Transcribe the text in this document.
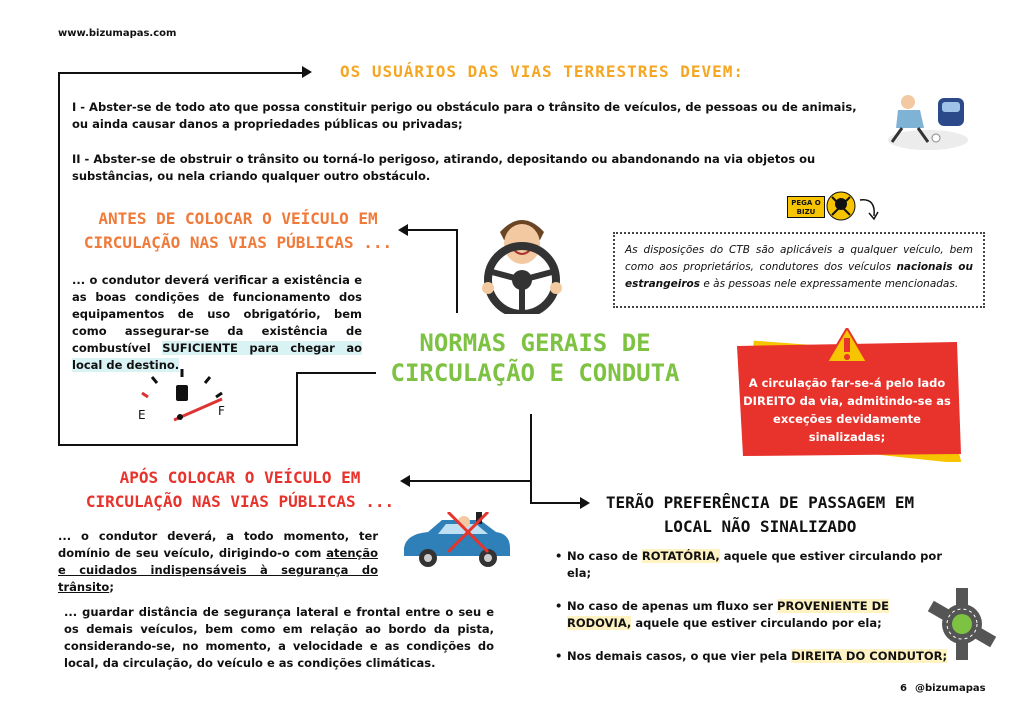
www.bizumapas.com
OS USUÁRIOS DAS VIAS TERRESTRES DEVEM:
I - Abster-se de todo ato que possa constituir perigo ou obstáculo para o trânsito de veículos, de pessoas ou de animais, ou ainda causar danos a propriedades públicas ou privadas;
II - Abster-se de obstruir o trânsito ou torná-lo perigoso, atirando, depositando ou abandonando na via objetos ou substâncias, ou nela criando qualquer outro obstáculo.
ANTES DE COLOCAR O VEÍCULO EM CIRCULAÇÃO NAS VIAS PÚBLICAS ...
... o condutor deverá verificar a existência e as boas condições de funcionamento dos equipamentos de uso obrigatório, bem como assegurar-se da existência de combustível SUFICIENTE para chegar ao local de destino.
E	F
NORMAS GERAIS DE CIRCULAÇÃO E CONDUTA
PEGA O BIZU
As disposições do CTB são aplicáveis a qualquer veículo, bem como aos proprietários, condutores dos veículos nacionais ou estrangeiros e às pessoas nele expressamente mencionadas.
A circulação far-se-á pelo lado DIREITO da via, admitindo-se as exceções devidamente sinalizadas;
APÓS COLOCAR O VEÍCULO EM CIRCULAÇÃO NAS VIAS PÚBLICAS ...
... o condutor deverá, a todo momento, ter domínio de seu veículo, dirigindo-o com atenção e cuidados indispensáveis à segurança do trânsito;
... guardar distância de segurança lateral e frontal entre o seu e os demais veículos, bem como em relação ao bordo da pista, considerando-se, no momento, a velocidade e as condições do local, da circulação, do veículo e as condições climáticas.
TERÃO PREFERÊNCIA DE PASSAGEM EM LOCAL NÃO SINALIZADO
• No caso de ROTATÓRIA, aquele que estiver circulando por ela;
• No caso de apenas um fluxo ser PROVENIENTE DE RODOVIA, aquele que estiver circulando por ela;
• Nos demais casos, o que vier pela DIREITA DO CONDUTOR;
6 @bizumapas
